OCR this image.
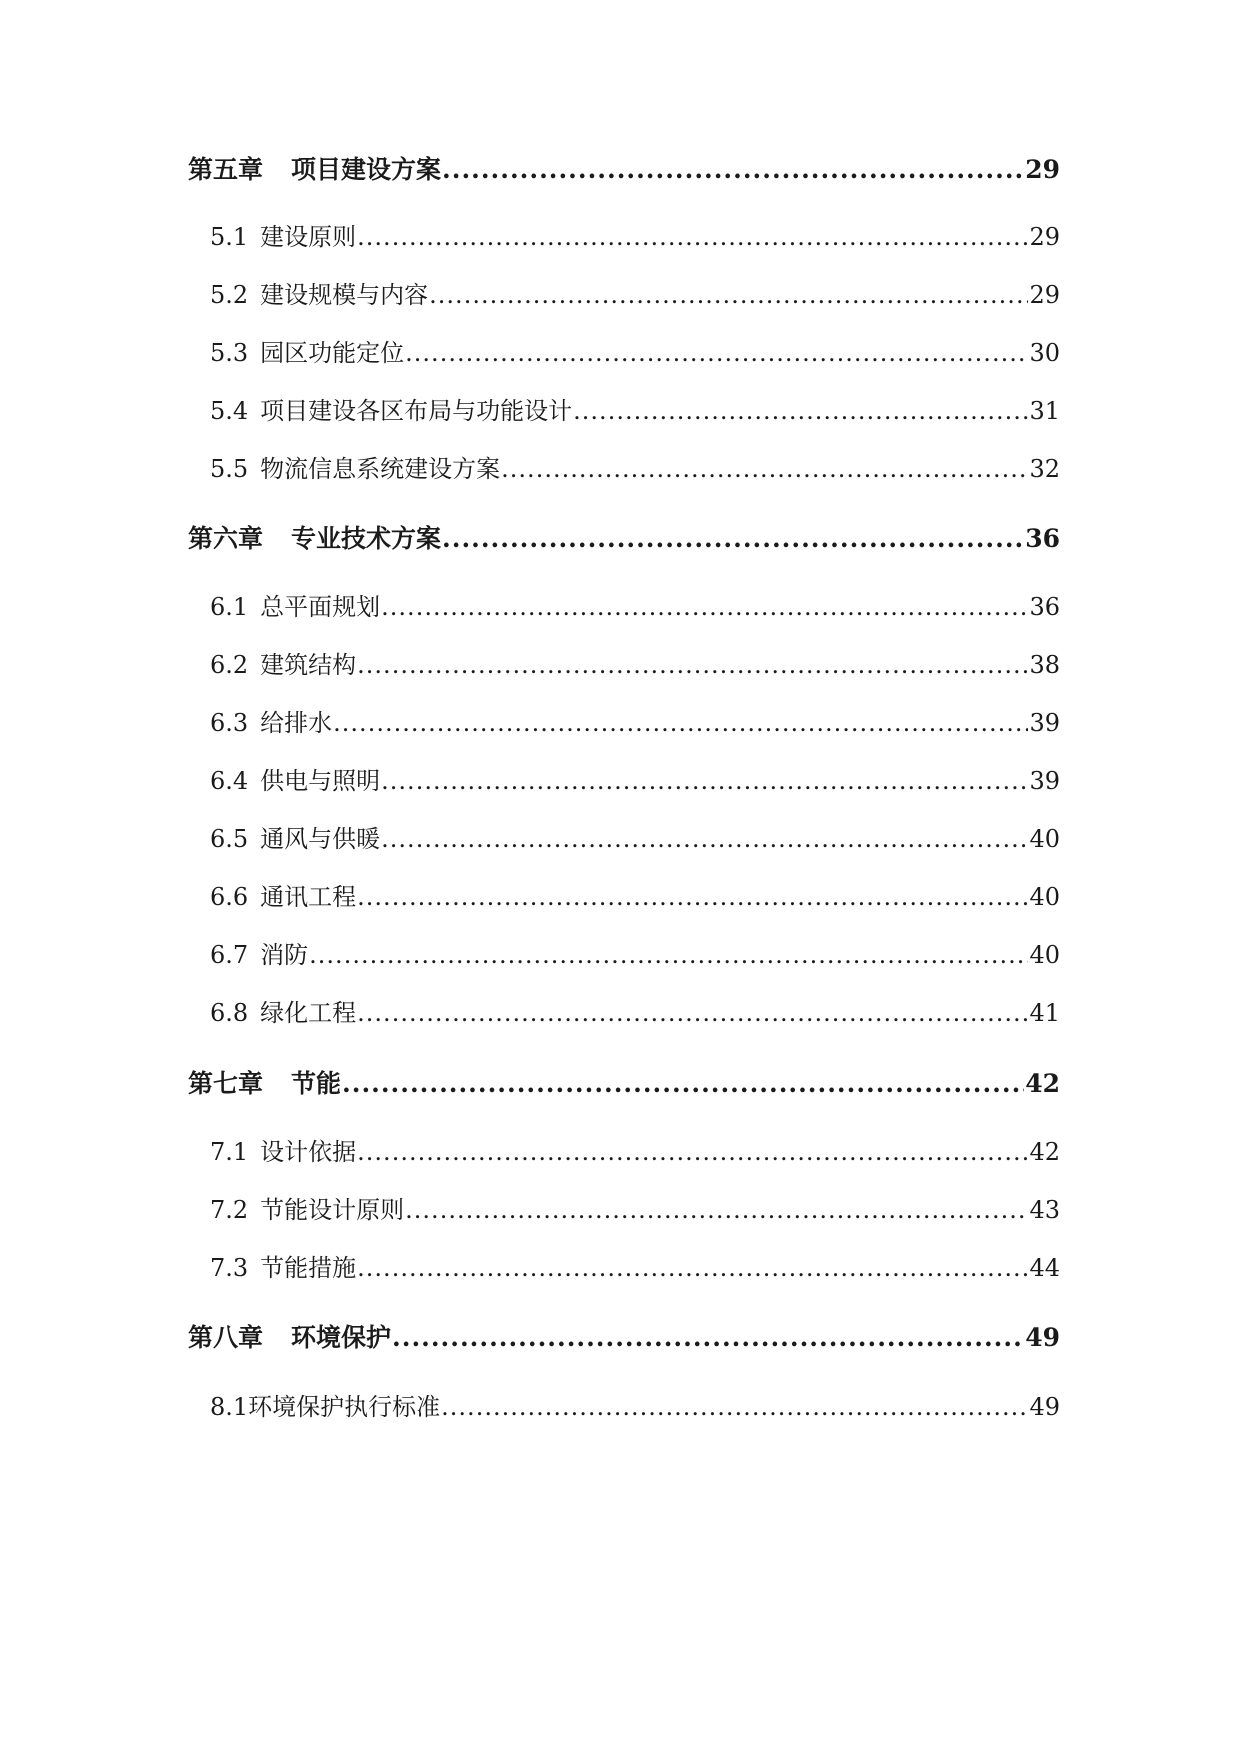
第五章 项目建设方案 .....	29
5.1 建设原则 .....	29
5.2 建设规模与内容 .....	29
5.3 园区功能定位 .....	30
5.4 项目建设各区布局与功能设计 .....	31
5.5 物流信息系统建设方案 .....	32
第六章 专业技术方案 .....	36
6.1 总平面规划 .....	36
6.2 建筑结构 .....	38
6.3 给排水 .....	39
6.4 供电与照明 .....	39
6.5 通风与供暖 .....	40
6.6 通讯工程 .....	40
6.7 消防 .....	40
6.8 绿化工程 .....	41
第七章 节能 .....	42
7.1 设计依据 .....	42
7.2 节能设计原则 .....	43
7.3 节能措施 .....	44
第八章 环境保护 .....	49
8.1环境保护执行标准 .....	49
